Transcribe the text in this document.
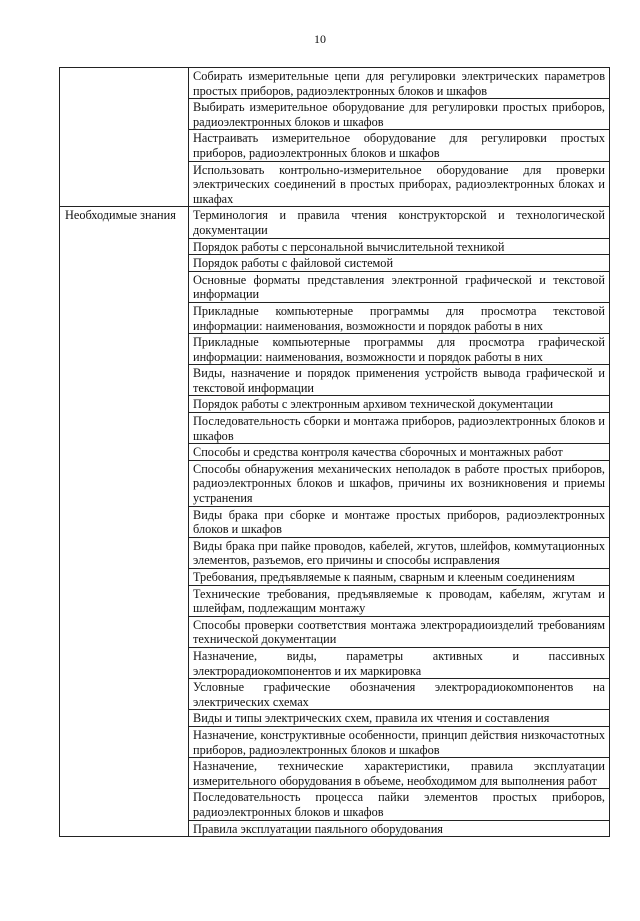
10
	Собирать измерительные цепи для регулировки электрических параметров простых приборов, радиоэлектронных блоков и шкафов
	Выбирать измерительное оборудование для регулировки простых приборов, радиоэлектронных блоков и шкафов
	Настраивать измерительное оборудование для регулировки простых приборов, радиоэлектронных блоков и шкафов
	Использовать контрольно-измерительное оборудование для проверки электрических соединений в простых приборах, радиоэлектронных блоках и шкафах
Необходимые знания	Терминология и правила чтения конструкторской и технологической документации
	Порядок работы с персональной вычислительной техникой
	Порядок работы с файловой системой
	Основные форматы представления электронной графической и текстовой информации
	Прикладные компьютерные программы для просмотра текстовой информации: наименования, возможности и порядок работы в них
	Прикладные компьютерные программы для просмотра графической информации: наименования, возможности и порядок работы в них
	Виды, назначение и порядок применения устройств вывода графической и текстовой информации
	Порядок работы с электронным архивом технической документации
	Последовательность сборки и монтажа приборов, радиоэлектронных блоков и шкафов
	Способы и средства контроля качества сборочных и монтажных работ
	Способы обнаружения механических неполадок в работе простых приборов, радиоэлектронных блоков и шкафов, причины их возникновения и приемы устранения
	Виды брака при сборке и монтаже простых приборов, радиоэлектронных блоков и шкафов
	Виды брака при пайке проводов, кабелей, жгутов, шлейфов, коммутационных элементов, разъемов, его причины и способы исправления
	Требования, предъявляемые к паяным, сварным и клееным соединениям
	Технические требования, предъявляемые к проводам, кабелям, жгутам и шлейфам, подлежащим монтажу
	Способы проверки соответствия монтажа электрорадиоизделий требованиям технической документации
	Назначение, виды, параметры активных и пассивных электрорадиокомпонентов и их маркировка
	Условные графические обозначения электрорадиокомпонентов на электрических схемах
	Виды и типы электрических схем, правила их чтения и составления
	Назначение, конструктивные особенности, принцип действия низкочастотных приборов, радиоэлектронных блоков и шкафов
	Назначение, технические характеристики, правила эксплуатации измерительного оборудования в объеме, необходимом для выполнения работ
	Последовательность процесса пайки элементов простых приборов, радиоэлектронных блоков и шкафов
	Правила эксплуатации паяльного оборудования
